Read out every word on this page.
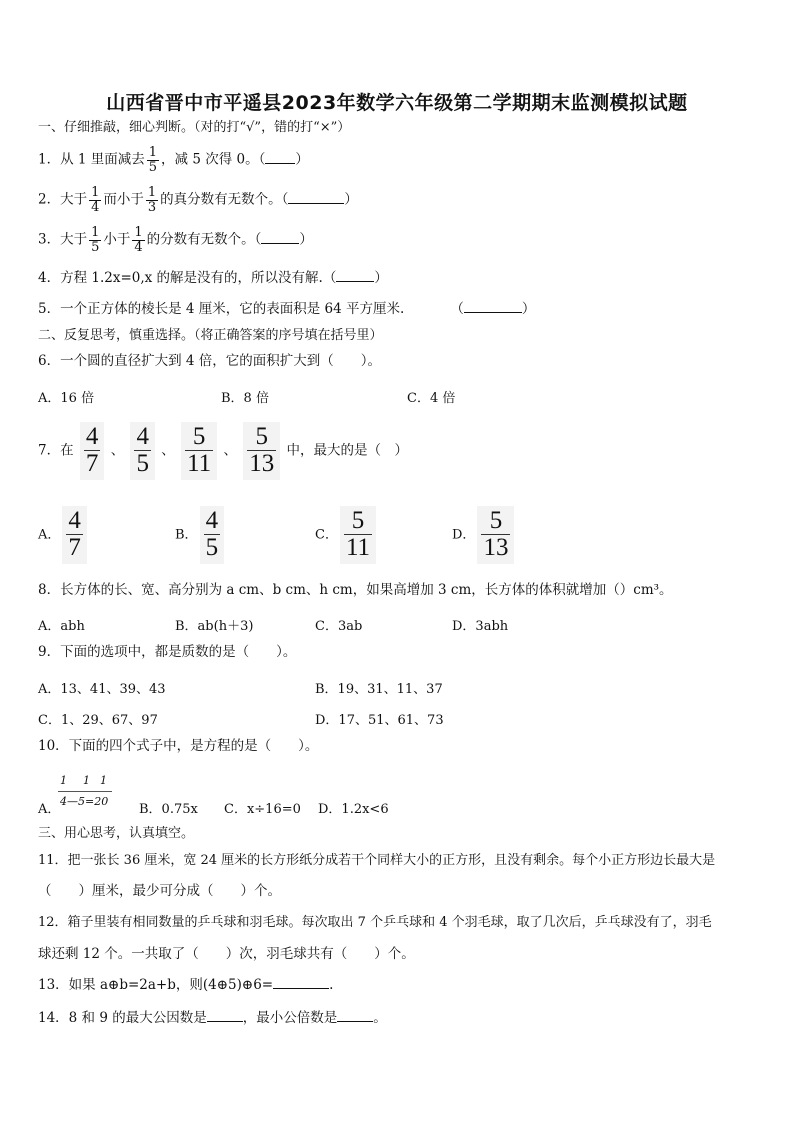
山西省晋中市平遥县2023年数学六年级第二学期期末监测模拟试题
一、仔细推敲，细心判断。（对的打“√”，错的打“×”）
1．从 1 里面减去 $\frac{1}{5}$ ，减 5 次得 0。（ ）
2．大于 $\frac{1}{4}$ 而小于 $\frac{1}{3}$ 的真分数有无数个。（	）
3．大于 $\frac{1}{5}$ 小于 $\frac{1}{4}$ 的分数有无数个。（	）
4．方程 1.2x=0,x 的解是没有的，所以没有解.（	）
5．一个正方体的棱长是 4 厘米，它的表面积是 64 平方厘米.	（	）
二、反复思考，慎重选择。（将正确答案的序号填在括号里）
6．一个圆的直径扩大到 4 倍，它的面积扩大到（　　）。
A．16 倍	B．8 倍	C．4 倍
7．在 $\frac{4}{7}$ 、 $\frac{4}{5}$ 、 $\frac{5}{11}$ 、 $\frac{5}{13}$ 中，最大的是（　）
A． $\frac{4}{7}$	B． $\frac{4}{5}$	C． $\frac{5}{11}$	D． $\frac{5}{13}$
8．长方体的长、宽、高分别为 a cm、b cm、h cm，如果高增加 3 cm，长方体的体积就增加（）cm³。
A．abh	B．ab(h＋3)	C．3ab	D．3abh
9．下面的选项中，都是质数的是（　　）。
A．13、41、39、43	B．19、31、11、37
C．1、29、67、97	D．17、51、61、73
10．下面的四个式子中，是方程的是（　　）。
A．
1 1 1
4—5=20
B．0.75x C．x÷16=0 D．1.2x<6
三、用心思考，认真填空。
11．把一张长 36 厘米，宽 24 厘米的长方形纸分成若干个同样大小的正方形，且没有剩余。每个小正方形边长最大是
（　　）厘米，最少可分成（　　）个。
12．箱子里装有相同数量的乒乓球和羽毛球。每次取出 7 个乒乓球和 4 个羽毛球，取了几次后，乒乓球没有了，羽毛
球还剩 12 个。一共取了（　　）次，羽毛球共有（　　）个。
13．如果 a⊕b=2a+b，则(4⊕5)⊕6=	.
14．8 和 9 的最大公因数是	，最小公倍数是	。
